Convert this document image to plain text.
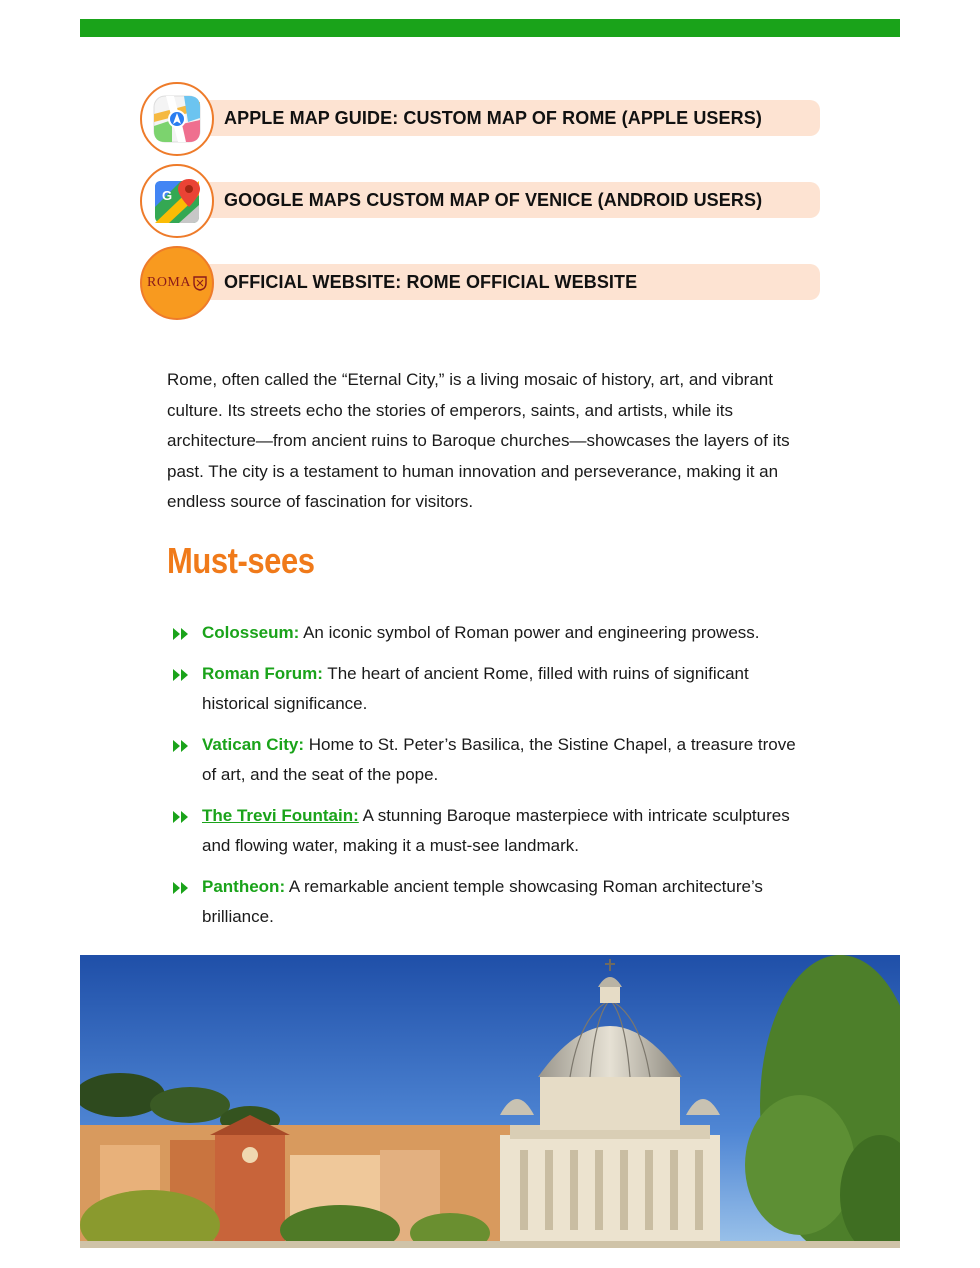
APPLE MAP GUIDE: CUSTOM MAP OF ROME (APPLE USERS)
GOOGLE MAPS CUSTOM MAP OF VENICE (ANDROID USERS)
G
OFFICIAL WEBSITE: ROME OFFICIAL WEBSITE
ROMA

Rome, often called the “Eternal City,” is a living mosaic of history, art, and vibrant culture. Its streets echo the stories of emperors, saints, and artists, while its architecture—from ancient ruins to Baroque churches—showcases the layers of its past. The city is a testament to human innovation and perseverance, making it an endless source of fascination for visitors.

Must-sees
Colosseum: An iconic symbol of Roman power and engineering prowess.
Roman Forum: The heart of ancient Rome, filled with ruins of significant historical significance.
Vatican City: Home to St. Peter’s Basilica, the Sistine Chapel, a treasure trove of art, and the seat of the pope.
The Trevi Fountain: A stunning Baroque masterpiece with intricate sculptures and flowing water, making it a must-see landmark.
Pantheon: A remarkable ancient temple showcasing Roman architecture’s brilliance.
